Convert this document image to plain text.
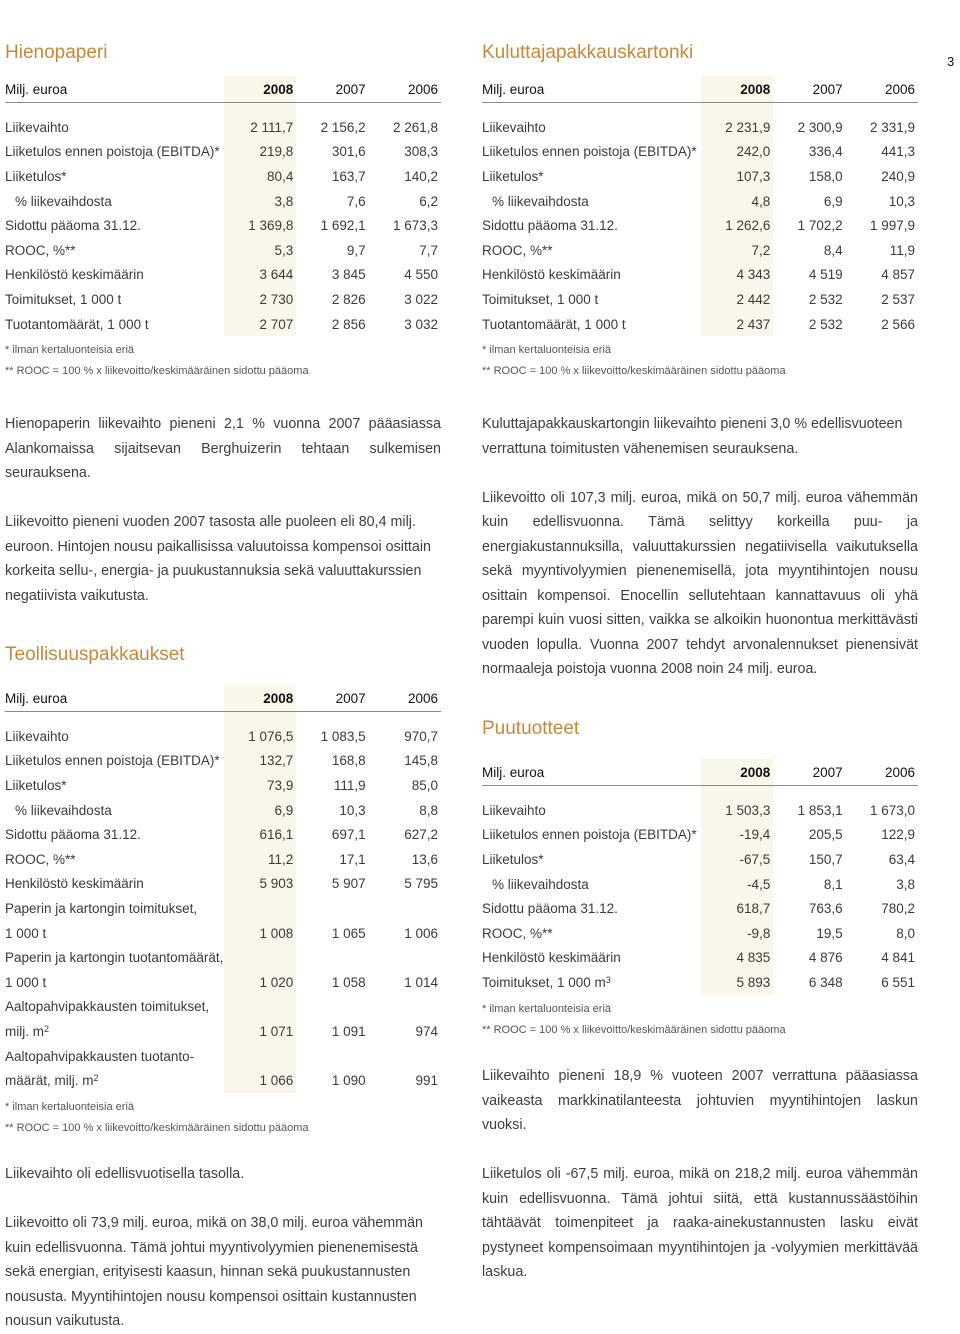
3
Hienopaperi
Milj. euroa	2008	2007	2006

Liikevaihto	2 111,7	2 156,2	2 261,8
Liiketulos ennen poistoja (EBITDA)*	219,8	301,6	308,3
Liiketulos*	80,4	163,7	140,2
% liikevaihdosta	3,8	7,6	6,2
Sidottu pääoma 31.12.	1 369,8	1 692,1	1 673,3
ROOC, %**	5,3	9,7	7,7
Henkilöstö keskimäärin	3 644	3 845	4 550
Toimitukset, 1 000 t	2 730	2 826	3 022
Tuotantomäärät, 1 000 t	2 707	2 856	3 032
* ilman kertaluonteisia eriä
** ROOC = 100 % x liikevoitto/keskimääräinen sidottu pääoma

Hienopaperin liikevaihto pieneni 2,1 % vuonna 2007 pääasiassa Alankomaissa sijaitsevan Berghuizerin tehtaan sulkemisen seurauksena.

Liikevoitto pieneni vuoden 2007 tasosta alle puoleen eli 80,4 milj. euroon. Hintojen nousu paikallisissa valuutoissa kompensoi osittain korkeita sellu-, energia- ja puukustannuksia sekä valuuttakurssien negatiivista vaikutusta.

Teollisuuspakkaukset
Milj. euroa	2008	2007	2006

Liikevaihto	1 076,5	1 083,5	970,7
Liiketulos ennen poistoja (EBITDA)*	132,7	168,8	145,8
Liiketulos*	73,9	111,9	85,0
% liikevaihdosta	6,9	10,3	8,8
Sidottu pääoma 31.12.	616,1	697,1	627,2
ROOC, %**	11,2	17,1	13,6
Henkilöstö keskimäärin	5 903	5 907	5 795
Paperin ja kartongin toimitukset,			
1 000 t	1 008	1 065	1 006
Paperin ja kartongin tuotantomäärät,			
1 000 t	1 020	1 058	1 014
Aaltopahvipakkausten toimitukset,			
milj. $m^2$	1 071	1 091	974
Aaltopahvipakkausten tuotanto-			
määrät, milj. $m^2$	1 066	1 090	991
* ilman kertaluonteisia eriä
** ROOC = 100 % x liikevoitto/keskimääräinen sidottu pääoma

Liikevaihto oli edellisvuotisella tasolla.

Liikevoitto oli 73,9 milj. euroa, mikä on 38,0 milj. euroa vähemmän kuin edellisvuonna. Tämä johtui myyntivolyymien pienenemisestä sekä energian, erityisesti kaasun, hinnan sekä puukustannusten noususta. Myyntihintojen nousu kompensoi osittain kustannusten nousun vaikutusta.

Kuluttajapakkauskartonki
Milj. euroa	2008	2007	2006

Liikevaihto	2 231,9	2 300,9	2 331,9
Liiketulos ennen poistoja (EBITDA)*	242,0	336,4	441,3
Liiketulos*	107,3	158,0	240,9
% liikevaihdosta	4,8	6,9	10,3
Sidottu pääoma 31.12.	1 262,6	1 702,2	1 997,9
ROOC, %**	7,2	8,4	11,9
Henkilöstö keskimäärin	4 343	4 519	4 857
Toimitukset, 1 000 t	2 442	2 532	2 537
Tuotantomäärät, 1 000 t	2 437	2 532	2 566
* ilman kertaluonteisia eriä
** ROOC = 100 % x liikevoitto/keskimääräinen sidottu pääoma

Kuluttajapakkauskartongin liikevaihto pieneni 3,0 % edellisvuoteen verrattuna toimitusten vähenemisen seurauksena.

Liikevoitto oli 107,3 milj. euroa, mikä on 50,7 milj. euroa vähemmän kuin edellisvuonna. Tämä selittyy korkeilla puu- ja energiakustannuksilla, valuuttakurssien negatiivisella vaikutuksella sekä myyntivolyymien pienenemisellä, jota myyntihintojen nousu osittain kompensoi. Enocellin sellutehtaan kannattavuus oli yhä parempi kuin vuosi sitten, vaikka se alkoikin huonontua merkittävästi vuoden lopulla. Vuonna 2007 tehdyt arvonalennukset pienensivät normaaleja poistoja vuonna 2008 noin 24 milj. euroa.

Puutuotteet
Milj. euroa	2008	2007	2006

Liikevaihto	1 503,3	1 853,1	1 673,0
Liiketulos ennen poistoja (EBITDA)*	-19,4	205,5	122,9
Liiketulos*	-67,5	150,7	63,4
% liikevaihdosta	-4,5	8,1	3,8
Sidottu pääoma 31.12.	618,7	763,6	780,2
ROOC, %**	-9,8	19,5	8,0
Henkilöstö keskimäärin	4 835	4 876	4 841
Toimitukset, 1 000 $m^3$	5 893	6 348	6 551
* ilman kertaluonteisia eriä
** ROOC = 100 % x liikevoitto/keskimääräinen sidottu pääoma

Liikevaihto pieneni 18,9 % vuoteen 2007 verrattuna pääasiassa vaikeasta markkinatilanteesta johtuvien myyntihintojen laskun vuoksi.

Liiketulos oli -67,5 milj. euroa, mikä on 218,2 milj. euroa vähemmän kuin edellisvuonna. Tämä johtui siitä, että kustannussäästöihin tähtäävät toimenpiteet ja raaka-ainekustannusten lasku eivät pystyneet kompensoimaan myyntihintojen ja -volyymien merkittävää laskua.
